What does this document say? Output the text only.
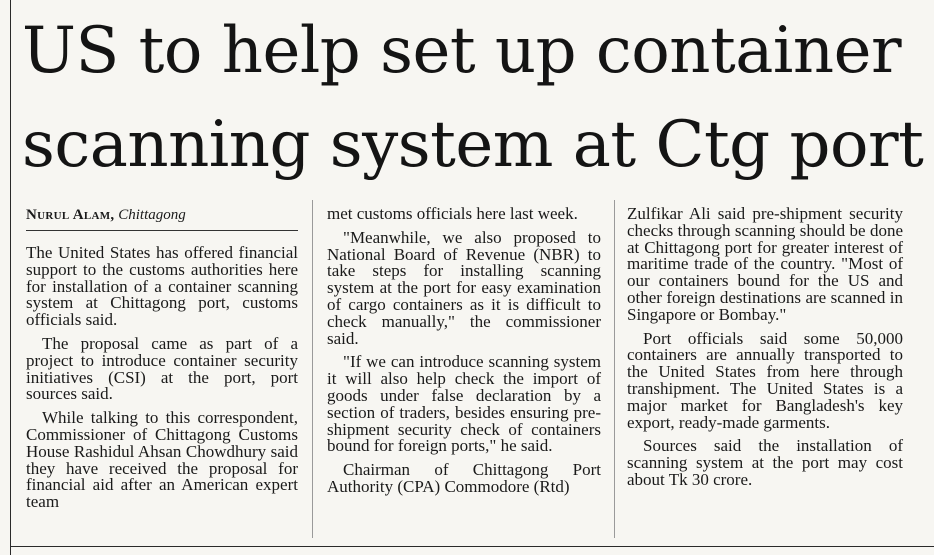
US to help set up container
scanning system at Ctg port
Nurul Alam, Chittagong

The United States has offered financial support to the customs authorities here for installation of a container scanning system at Chittagong port, customs officials said.

The proposal came as part of a project to introduce container security initiatives (CSI) at the port, port sources said.

While talking to this correspondent, Commissioner of Chittagong Customs House Rashidul Ahsan Chowdhury said they have received the proposal for financial aid after an American expert team

met customs officials here last week.

"Meanwhile, we also proposed to National Board of Revenue (NBR) to take steps for installing scanning system at the port for easy examination of cargo containers as it is difficult to check manually," the commissioner said.

"If we can introduce scanning system it will also help check the import of goods under false declaration by a section of traders, besides ensuring pre-shipment security check of containers bound for foreign ports," he said.

Chairman of Chittagong Port Authority (CPA) Commodore (Rtd)

Zulfikar Ali said pre-shipment security checks through scanning should be done at Chittagong port for greater interest of maritime trade of the country. "Most of our containers bound for the US and other foreign destinations are scanned in Singapore or Bombay."

Port officials said some 50,000 containers are annually transported to the United States from here through transhipment. The United States is a major market for Bangladesh's key export, ready-made garments.

Sources said the installation of scanning system at the port may cost about Tk 30 crore.
